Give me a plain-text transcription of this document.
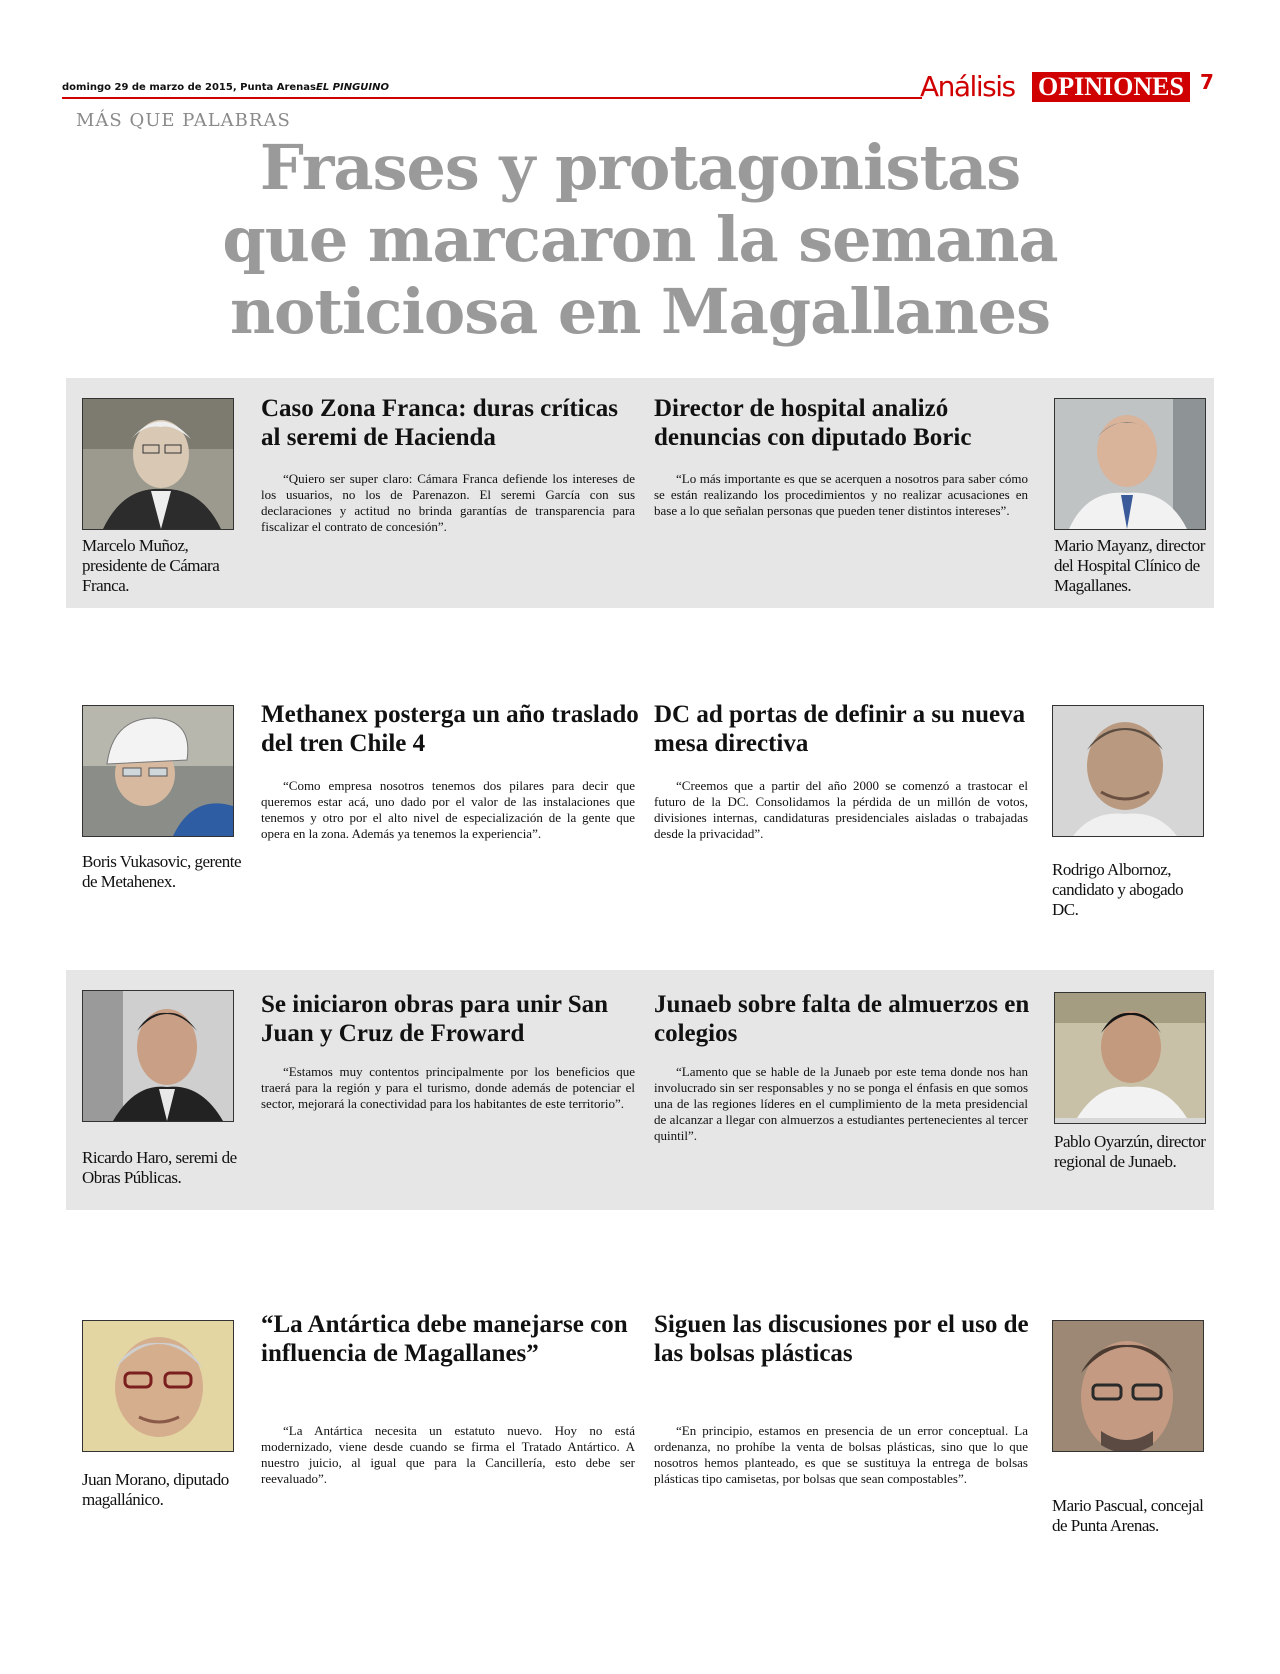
domingo 29 de marzo de 2015, Punta ArenasEL PINGUINO	Análisis OPINIONES 7
MÁS QUE PALABRAS
Frases y protagonistas
que marcaron la semana
noticiosa en Magallanes
Marcelo Muñoz, presidente de Cámara Franca.
Caso Zona Franca: duras críticas al seremi de Hacienda
“Quiero ser super claro: Cámara Franca defiende los intereses de los usuarios, no los de Parenazon. El seremi García con sus declaraciones y actitud no brinda garantías de transparencia para fiscalizar el contrato de concesión”.
Director de hospital analizó denuncias con diputado Boric
“Lo más importante es que se acerquen a nosotros para saber cómo se están realizando los procedimientos y no realizar acusaciones en base a lo que señalan personas que pueden tener distintos intereses”.
Mario Mayanz, director del Hospital Clínico de Magallanes.
Boris Vukasovic, gerente de Metahenex.
Methanex posterga un año traslado del tren Chile 4
“Como empresa nosotros tenemos dos pilares para decir que queremos estar acá, uno dado por el valor de las instalaciones que tenemos y otro por el alto nivel de especialización de la gente que opera en la zona. Además ya tenemos la experiencia”.
DC ad portas de definir a su nueva mesa directiva
“Creemos que a partir del año 2000 se comenzó a trastocar el futuro de la DC. Consolidamos la pérdida de un millón de votos, divisiones internas, candidaturas presidenciales aisladas o trabajadas desde la privacidad”.
Rodrigo Albornoz, candidato y abogado DC.
Ricardo Haro, seremi de Obras Públicas.
Se iniciaron obras para unir San Juan y Cruz de Froward
“Estamos muy contentos principalmente por los beneficios que traerá para la región y para el turismo, donde además de potenciar el sector, mejorará la conectividad para los habitantes de este territorio”.
Junaeb sobre falta de almuerzos en colegios
“Lamento que se hable de la Junaeb por este tema donde nos han involucrado sin ser responsables y no se ponga el énfasis en que somos una de las regiones líderes en el cumplimiento de la meta presidencial de alcanzar a llegar con almuerzos a estudiantes pertenecientes al tercer quintil”.	Pablo Oyarzún, director regional de Junaeb.
Juan Morano, diputado magallánico.
“La Antártica debe manejarse con influencia de Magallanes”
“La Antártica necesita un estatuto nuevo. Hoy no está modernizado, viene desde cuando se firma el Tratado Antártico. A nuestro juicio, al igual que para la Cancillería, esto debe ser reevaluado”.
Siguen las discusiones por el uso de las bolsas plásticas
“En principio, estamos en presencia de un error conceptual. La ordenanza, no prohíbe la venta de bolsas plásticas, sino que lo que nosotros hemos planteado, es que se sustituya la entrega de bolsas plásticas tipo camisetas, por bolsas que sean compostables”.
Mario Pascual, concejal de Punta Arenas.
